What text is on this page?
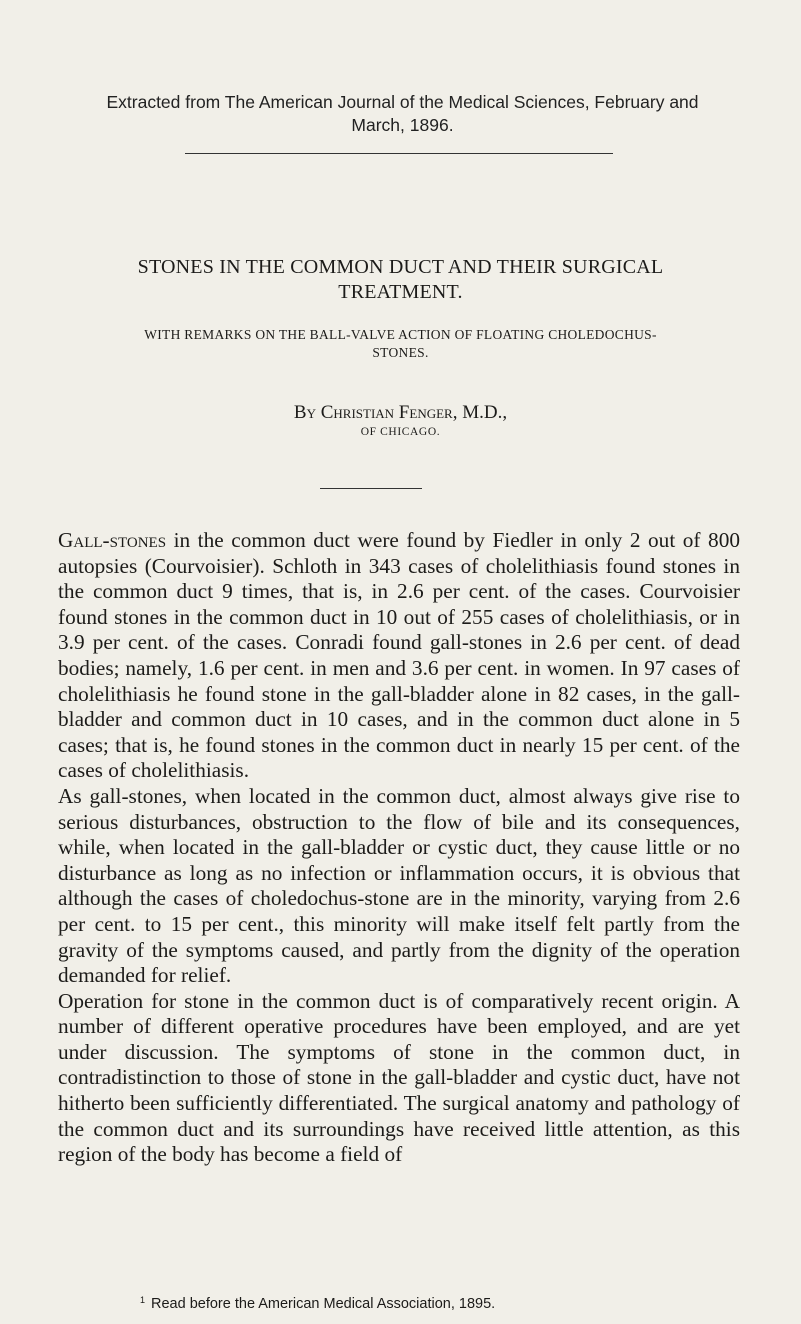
Extracted from The American Journal of the Medical Sciences, February and
March, 1896.
STONES IN THE COMMON DUCT AND THEIR SURGICAL
TREATMENT.
WITH REMARKS ON THE BALL-VALVE ACTION OF FLOATING CHOLEDOCHUS-
STONES.
By Christian Fenger, M.D.,
OF CHICAGO.

Gall-stones in the common duct were found by Fiedler in only 2 out of 800 autopsies (Courvoisier). Schloth in 343 cases of cholelithiasis found stones in the common duct 9 times, that is, in 2.6 per cent. of the cases. Courvoisier found stones in the common duct in 10 out of 255 cases of cholelithiasis, or in 3.9 per cent. of the cases. Conradi found gall-stones in 2.6 per cent. of dead bodies; namely, 1.6 per cent. in men and 3.6 per cent. in women. In 97 cases of cholelithiasis he found stone in the gall-bladder alone in 82 cases, in the gall-bladder and common duct in 10 cases, and in the common duct alone in 5 cases; that is, he found stones in the common duct in nearly 15 per cent. of the cases of cholelithiasis.

As gall-stones, when located in the common duct, almost always give rise to serious disturbances, obstruction to the flow of bile and its consequences, while, when located in the gall-bladder or cystic duct, they cause little or no disturbance as long as no infection or inflammation occurs, it is obvious that although the cases of choledochus-stone are in the minority, varying from 2.6 per cent. to 15 per cent., this minority will make itself felt partly from the gravity of the symptoms caused, and partly from the dignity of the operation demanded for relief.

Operation for stone in the common duct is of comparatively recent origin. A number of different operative procedures have been employed, and are yet under discussion. The symptoms of stone in the common duct, in contradistinction to those of stone in the gall-bladder and cystic duct, have not hitherto been sufficiently differentiated. The surgical anatomy and pathology of the common duct and its surroundings have received little attention, as this region of the body has become a field of

$^1$ Read before the American Medical Association, 1895.
